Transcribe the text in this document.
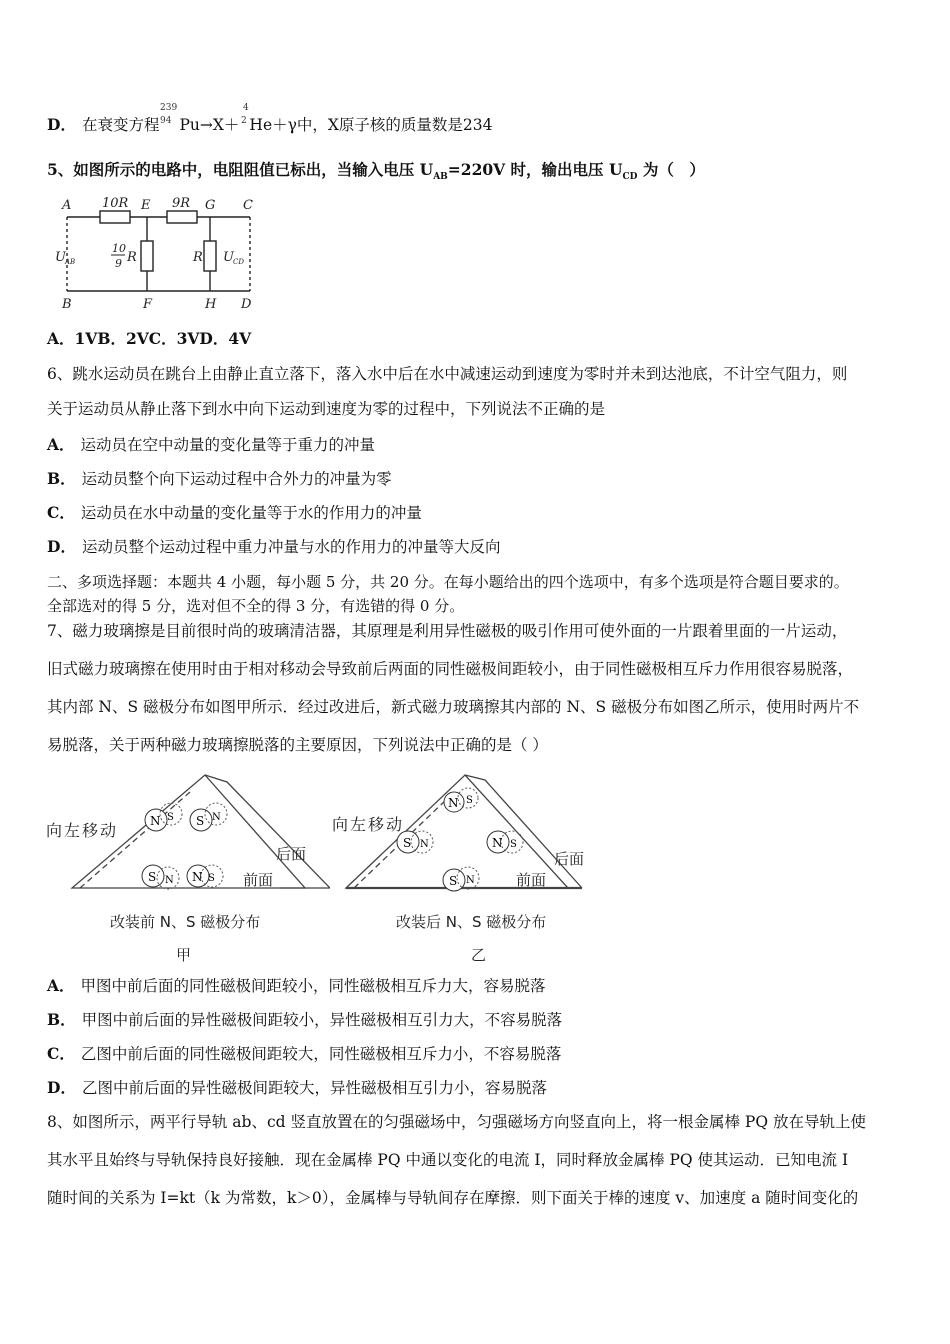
D． 在衰变方程 Pu→X＋ He＋γ中，X原子核的质量数是234
239
94
4
2
5、如图所示的电路中，电阻阻值已标出，当输入电压 $U_{AB}=220V$ 时，输出电压 $U_{CD}$ 为（　）
A	E	G C
B	F	H D
10R	9R
10
9 R	R
U AB	U CD
A．1VB．2VC．3VD．4V
6、跳水运动员在跳台上由静止直立落下，落入水中后在水中减速运动到速度为零时并未到达池底，不计空气阻力，则
关于运动员从静止落下到水中向下运动到速度为零的过程中，下列说法不正确的是
A． 运动员在空中动量的变化量等于重力的冲量
B． 运动员整个向下运动过程中合外力的冲量为零
C． 运动员在水中动量的变化量等于水的作用力的冲量
D． 运动员整个运动过程中重力冲量与水的作用力的冲量等大反向
二、多项选择题：本题共 4 小题，每小题 5 分，共 20 分。在每小题给出的四个选项中，有多个选项是符合题目要求的。
全部选对的得 5 分，选对但不全的得 3 分，有选错的得 0 分。
7、磁力玻璃擦是目前很时尚的玻璃清洁器，其原理是利用异性磁极的吸引作用可使外面的一片跟着里面的一片运动，
旧式磁力玻璃擦在使用时由于相对移动会导致前后两面的同性磁极间距较小，由于同性磁极相互斥力作用很容易脱落，
其内部 N、S 磁极分布如图甲所示．经过改进后，新式磁力玻璃擦其内部的 N、S 磁极分布如图乙所示，使用时两片不
易脱落，关于两种磁力玻璃擦脱落的主要原因，下列说法中正确的是（ ）
N S S N
S N N S
向左移动
后面
前面
改装前 N、S 磁极分布
甲
N S
S N	N S
S N
向左移动
后面
前面
改装后 N、S 磁极分布
乙
A． 甲图中前后面的同性磁极间距较小，同性磁极相互斥力大，容易脱落
B． 甲图中前后面的异性磁极间距较小，异性磁极相互引力大，不容易脱落
C． 乙图中前后面的同性磁极间距较大，同性磁极相互斥力小，不容易脱落
D． 乙图中前后面的异性磁极间距较大，异性磁极相互引力小，容易脱落
8、如图所示，两平行导轨 ab、cd 竖直放置在的匀强磁场中，匀强磁场方向竖直向上，将一根金属棒 PQ 放在导轨上使
其水平且始终与导轨保持良好接触．现在金属棒 PQ 中通以变化的电流 I，同时释放金属棒 PQ 使其运动．已知电流 I
随时间的关系为 I=kt（k 为常数，k＞0），金属棒与导轨间存在摩擦．则下面关于棒的速度 v、加速度 a 随时间变化的
